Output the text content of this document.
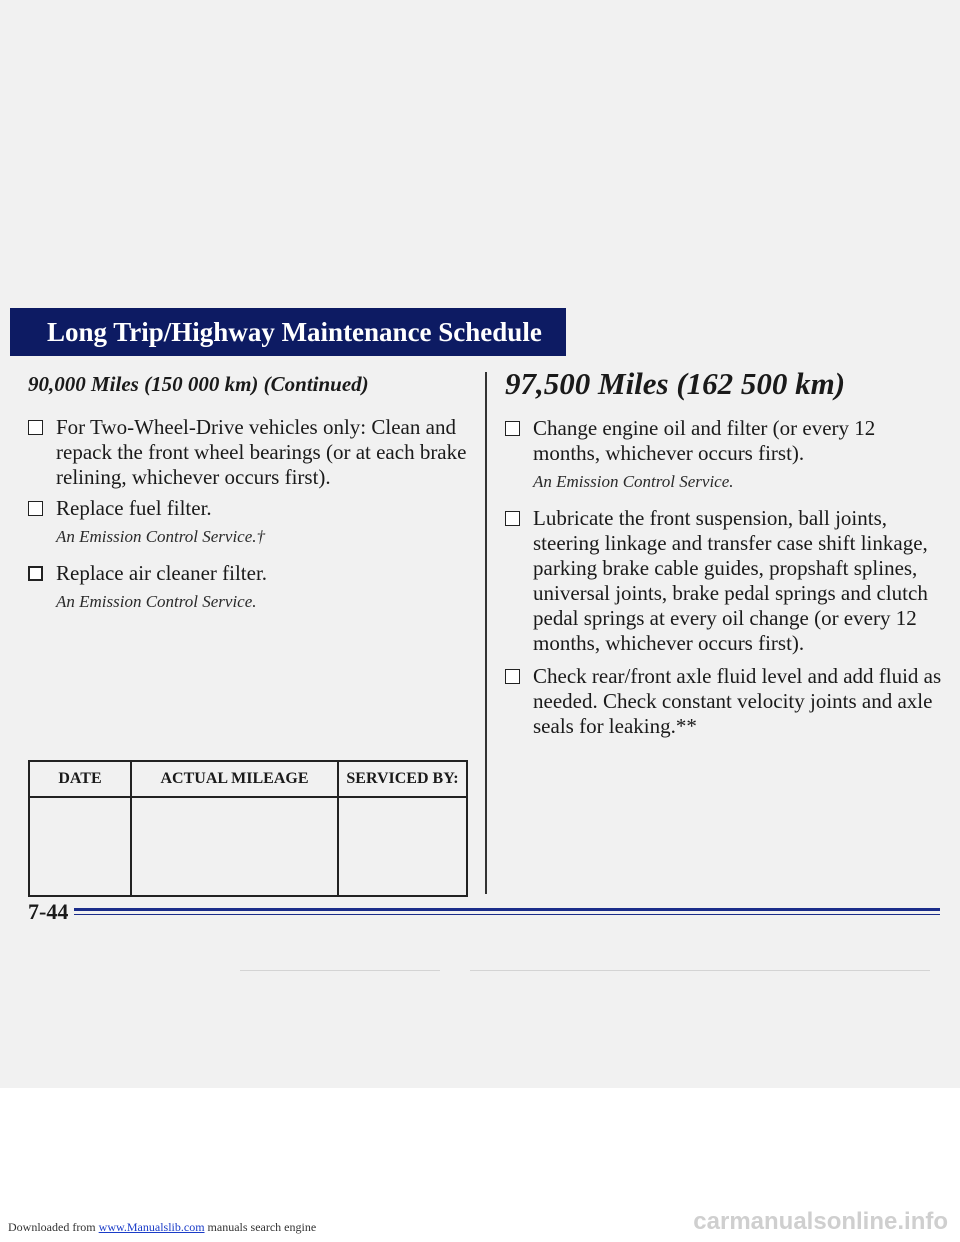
Long Trip/Highway Maintenance Schedule
90,000 Miles (150 000 km) (Continued)
For Two-Wheel-Drive vehicles only: Clean and repack the front wheel bearings (or at each brake relining, whichever occurs first).
Replace fuel filter.
An Emission Control Service.†
Replace air cleaner filter.
An Emission Control Service.
DATE	ACTUAL MILEAGE	SERVICED BY:

97,500 Miles (162 500 km)
Change engine oil and filter (or every 12 months, whichever occurs first).
An Emission Control Service.
Lubricate the front suspension, ball joints, steering linkage and transfer case shift linkage, parking brake cable guides, propshaft splines, universal joints, brake pedal springs and clutch pedal springs at every oil change (or every 12 months, whichever occurs first).
Check rear/front axle fluid level and add fluid as needed. Check constant velocity joints and axle seals for leaking.**
7-44
Downloaded from www.Manualslib.com manuals search engine	carmanualsonline.info
